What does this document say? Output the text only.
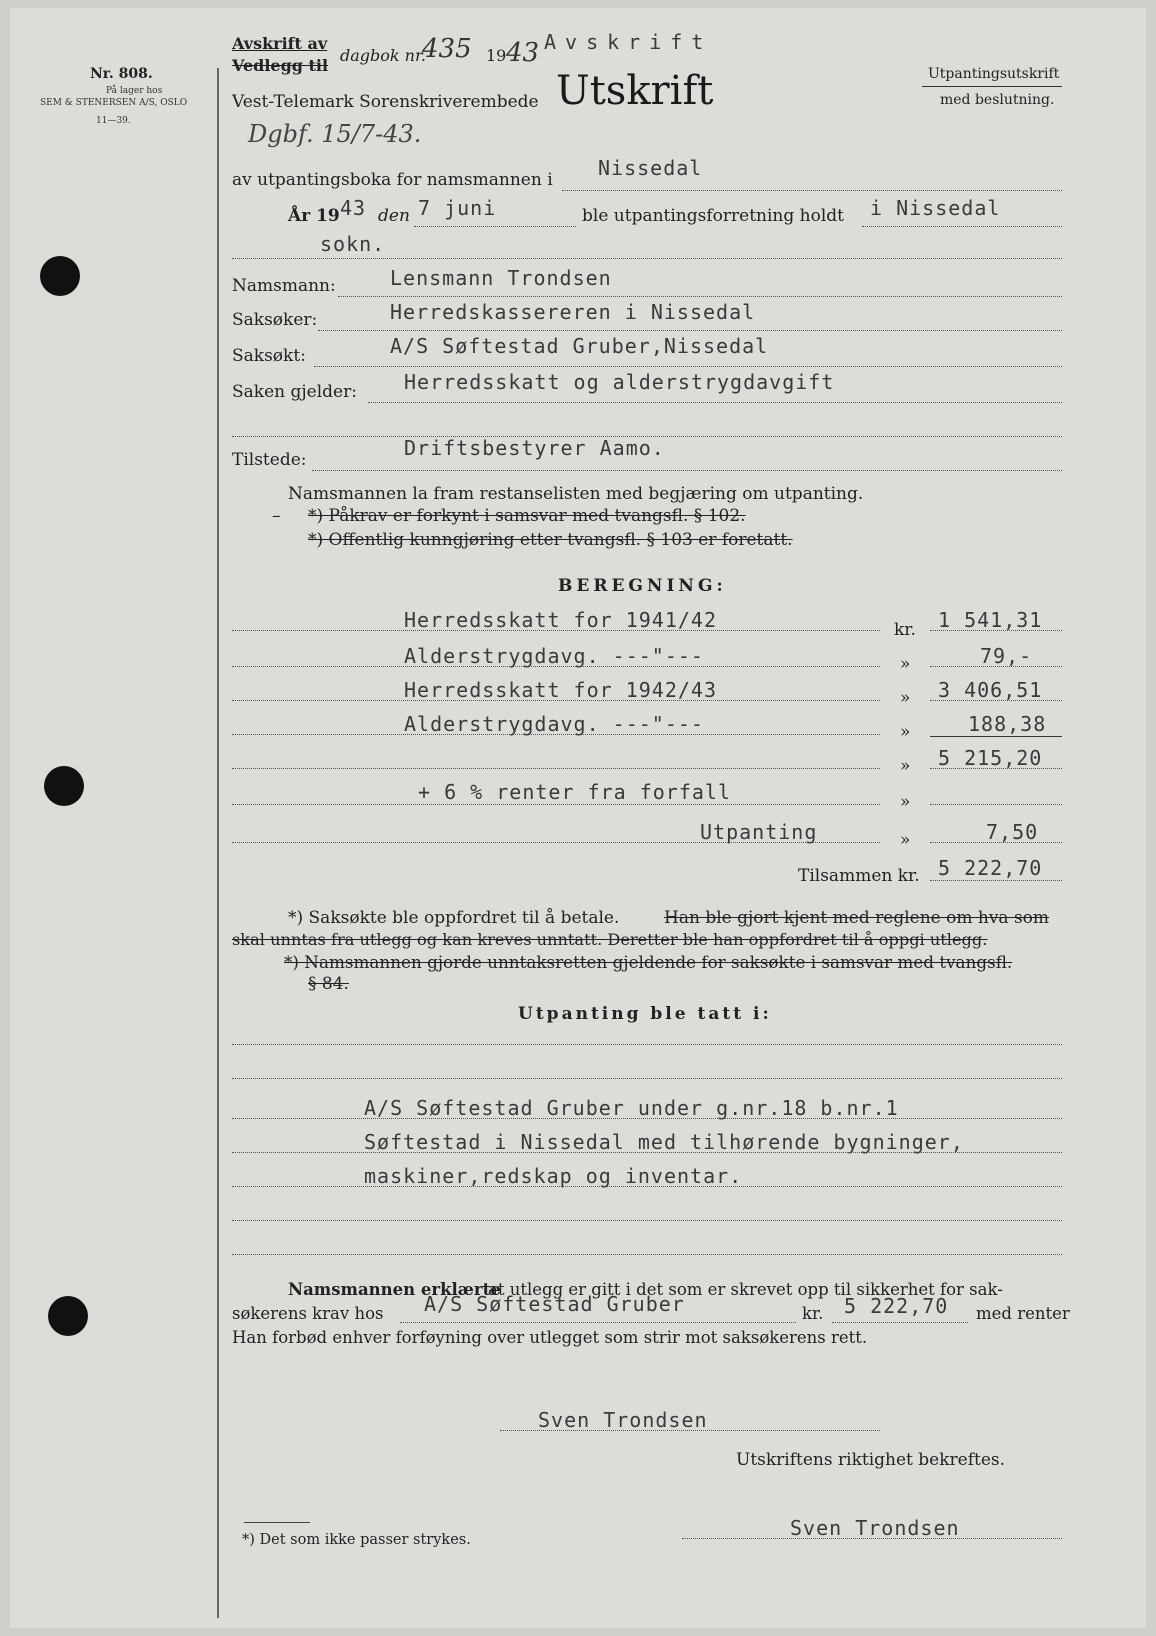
Nr. 808.
På lager hos
SEM & STENERSEN A/S, OSLO
11—39.
Avskrift av
Vedlegg til
dagbok nr.
435 19 43 Avskrift
Vest-Telemark Sorenskriverembede Utskrift	Utpantingsutskrift
med beslutning.
Dgbf. 15/7-43.
av utpantingsboka for namsmannen i Nissedal
År 19 43 den 7 juni	ble utpantingsforretning holdt i Nissedal
sokn.
Namsmann:	Lensmann Trondsen
Saksøker:	Herredskassereren i Nissedal
Saksøkt:	A/S Søftestad Gruber,Nissedal
Saken gjelder: Herredsskatt og alderstrygdavgift
Tilstede:	Driftsbestyrer Aamo.
Namsmannen la fram restanselisten med begjæring om utpanting.
– *) Påkrav er forkynt i samsvar med tvangsfl. § 102.
*) Offentlig kunngjøring etter tvangsfl. § 103 er foretatt.
BEREGNING:
Herredsskatt for 1941/42	kr. 1 541,31
Alderstrygdavg. ---"---	»	79,-
Herredsskatt for 1942/43	» 3 406,51
Alderstrygdavg. ---"---	»	188,38
» 5 215,20
+ 6 % renter fra forfall	»
Utpanting	»	7,50
Tilsammen kr. 5 222,70
*) Saksøkte ble oppfordret til å betale.	Han ble gjort kjent med reglene om hva som
skal unntas fra utlegg og kan kreves unntatt. Deretter ble han oppfordret til å oppgi utlegg.
*) Namsmannen gjorde unntaksretten gjeldende for saksøkte i samsvar med tvangsfl.
§ 84.
Utpanting ble tatt i:
A/S Søftestad Gruber under g.nr.18 b.nr.1
Søftestad i Nissedal med tilhørende bygninger,
maskiner,redskap og inventar.
Namsmannen erklærte
at utlegg er gitt i det som er skrevet opp til sikkerhet for sak-
søkerens krav hos A/S Søftestad Gruber	kr. 5 222,70 med renter
Han forbød enhver forføyning over utlegget som strir mot saksøkerens rett.
Sven Trondsen
Utskriftens riktighet bekreftes.
*) Det som ikke passer strykes.	Sven Trondsen
